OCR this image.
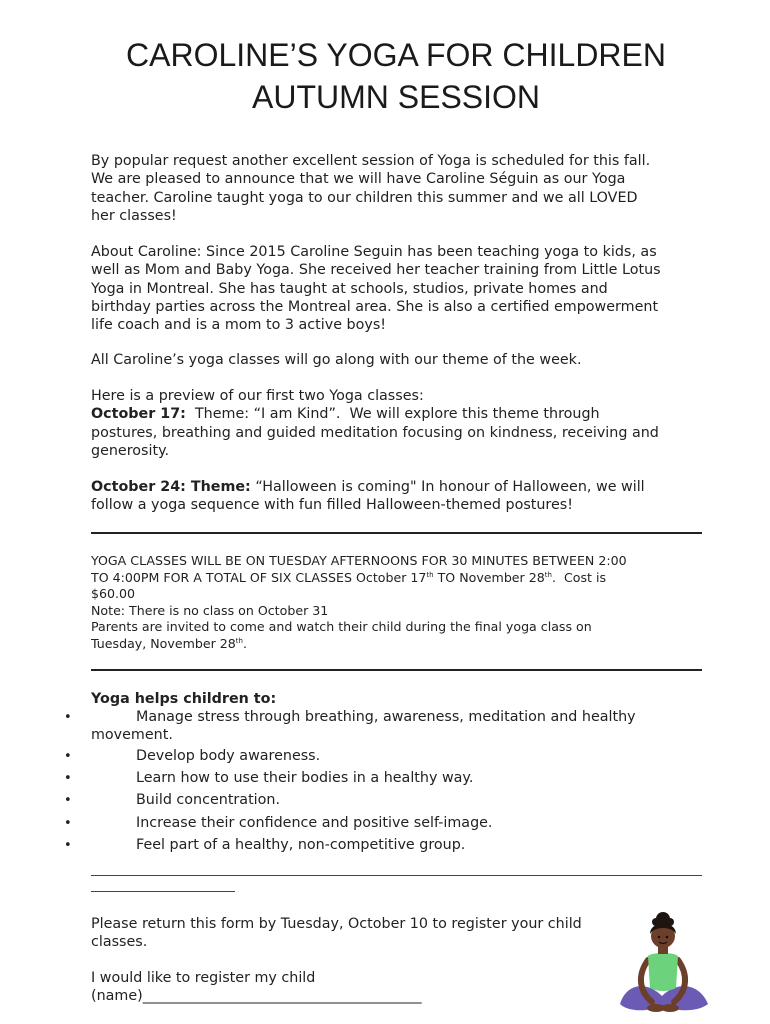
CAROLINE’S YOGA FOR CHILDREN
AUTUMN SESSION
By popular request another excellent session of Yoga is scheduled for this fall.
We are pleased to announce that we will have Caroline Séguin as our Yoga
teacher. Caroline taught yoga to our children this summer and we all LOVED
her classes!
About Caroline: Since 2015 Caroline Seguin has been teaching yoga to kids, as
well as Mom and Baby Yoga. She received her teacher training from Little Lotus
Yoga in Montreal. She has taught at schools, studios, private homes and
birthday parties across the Montreal area. She is also a certified empowerment
life coach and is a mom to 3 active boys!
All Caroline’s yoga classes will go along with our theme of the week.
Here is a preview of our first two Yoga classes:
October 17:  Theme: “I am Kind”.  We will explore this theme through
postures, breathing and guided meditation focusing on kindness, receiving and
generosity.
October 24: Theme: “Halloween is coming" In honour of Halloween, we will
follow a yoga sequence with fun filled Halloween-themed postures!
YOGA CLASSES WILL BE ON TUESDAY AFTERNOONS FOR 30 MINUTES BETWEEN 2:00
TO 4:00PM FOR A TOTAL OF SIX CLASSES October 17th TO November 28th.  Cost is
$60.00
Note: There is no class on October 31
Parents are invited to come and watch their child during the final yoga class on
Tuesday, November 28th.
Yoga helps children to:
•	Manage stress through breathing, awareness, meditation and healthy
movement.
•	Develop body awareness.
•	Learn how to use their bodies in a healthy way.
•	Build concentration.
•	Increase their confidence and positive self-image.
•	Feel part of a healthy, non-competitive group.
Please return this form by Tuesday, October 10 to register your child
classes.
I would like to register my child
(name)_______________________________________
